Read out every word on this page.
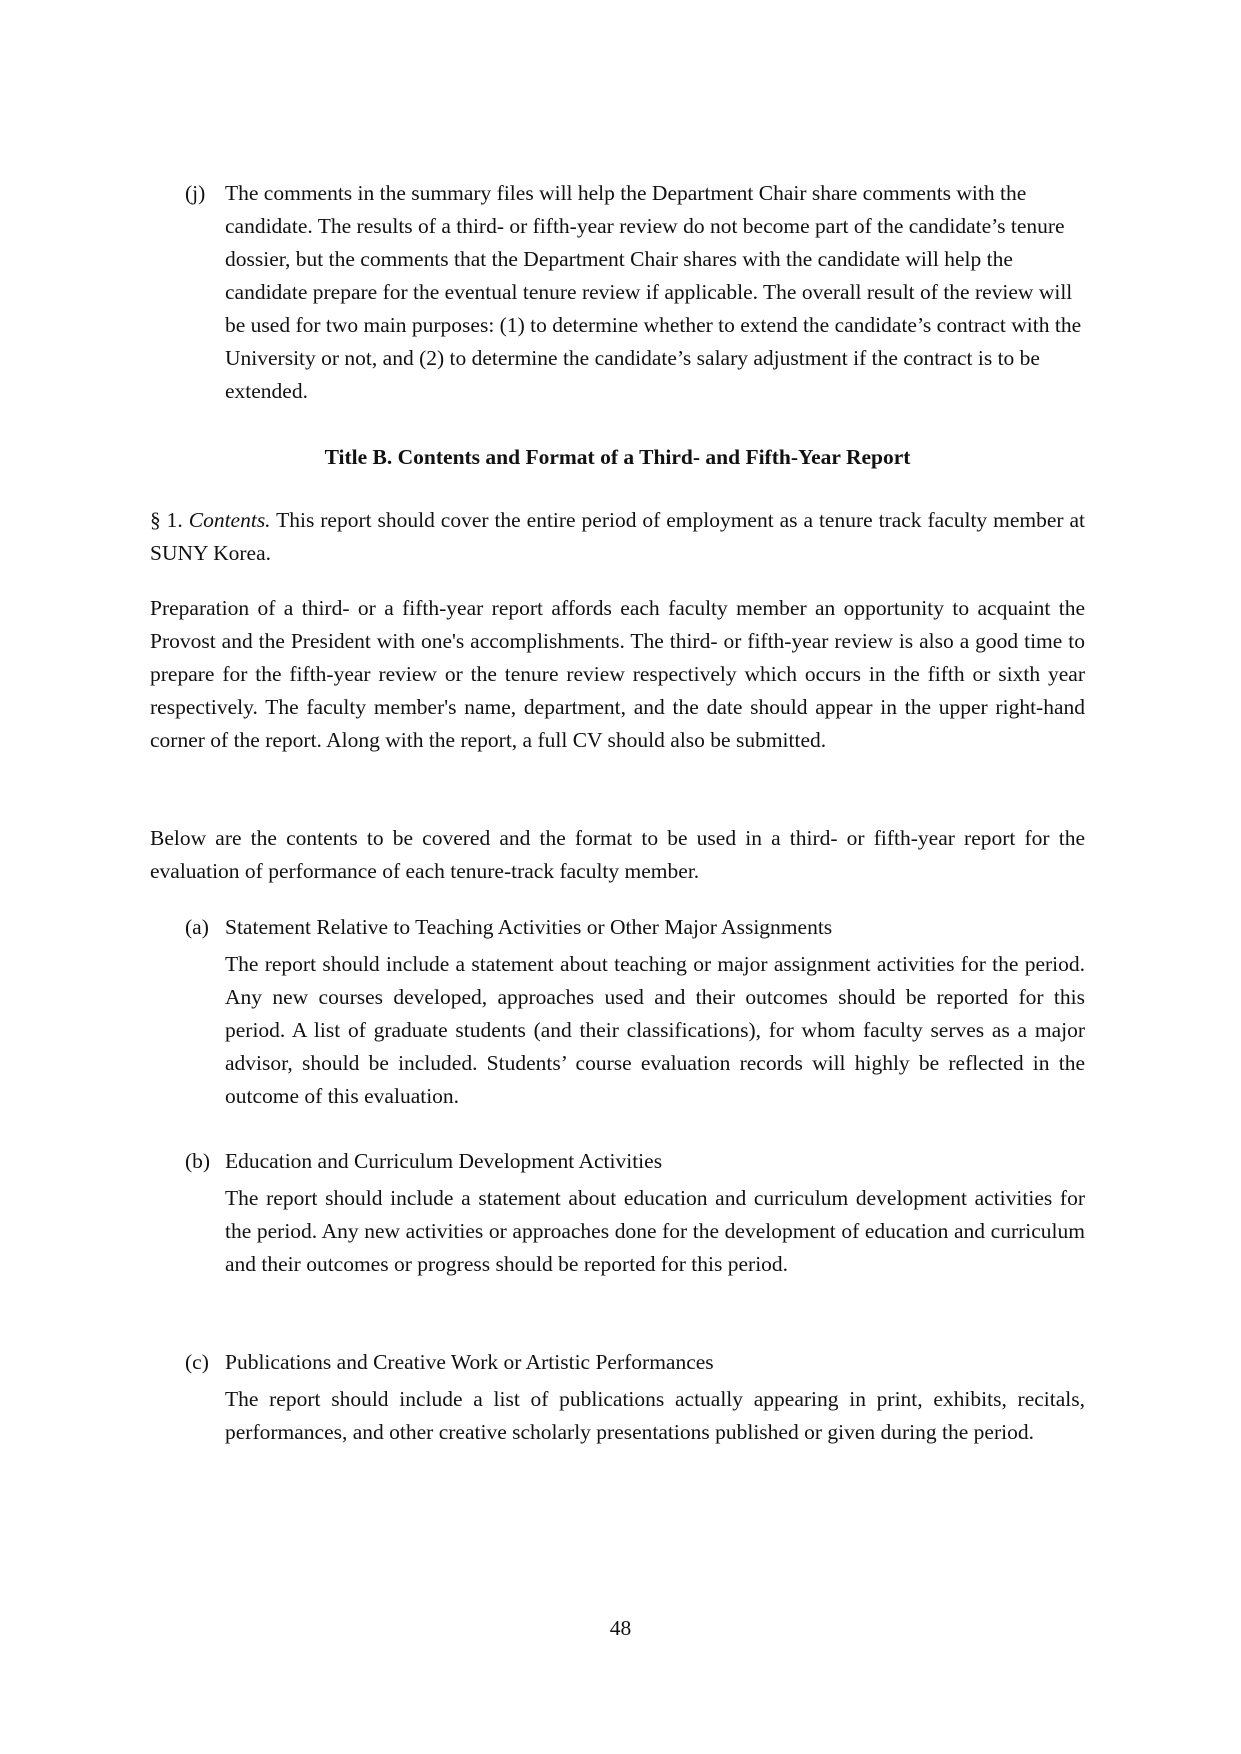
(j) The comments in the summary files will help the Department Chair share comments with the candidate. The results of a third- or fifth-year review do not become part of the candidate’s tenure dossier, but the comments that the Department Chair shares with the candidate will help the candidate prepare for the eventual tenure review if applicable. The overall result of the review will be used for two main purposes: (1) to determine whether to extend the candidate’s contract with the University or not, and (2) to determine the candidate’s salary adjustment if the contract is to be extended.
Title B. Contents and Format of a Third- and Fifth-Year Report

§ 1. Contents. This report should cover the entire period of employment as a tenure track faculty member at SUNY Korea.

Preparation of a third- or a fifth-year report affords each faculty member an opportunity to acquaint the Provost and the President with one's accomplishments. The third- or fifth-year review is also a good time to prepare for the fifth-year review or the tenure review respectively which occurs in the fifth or sixth year respectively. The faculty member's name, department, and the date should appear in the upper right-hand corner of the report. Along with the report, a full CV should also be submitted.

Below are the contents to be covered and the format to be used in a third- or fifth-year report for the evaluation of performance of each tenure-track faculty member.

(a) Statement Relative to Teaching Activities or Other Major Assignments
The report should include a statement about teaching or major assignment activities for the period. Any new courses developed, approaches used and their outcomes should be reported for this period. A list of graduate students (and their classifications), for whom faculty serves as a major advisor, should be included. Students’ course evaluation records will highly be reflected in the outcome of this evaluation.
(b) Education and Curriculum Development Activities
The report should include a statement about education and curriculum development activities for the period. Any new activities or approaches done for the development of education and curriculum and their outcomes or progress should be reported for this period.
(c) Publications and Creative Work or Artistic Performances
The report should include a list of publications actually appearing in print, exhibits, recitals, performances, and other creative scholarly presentations published or given during the period.
48
